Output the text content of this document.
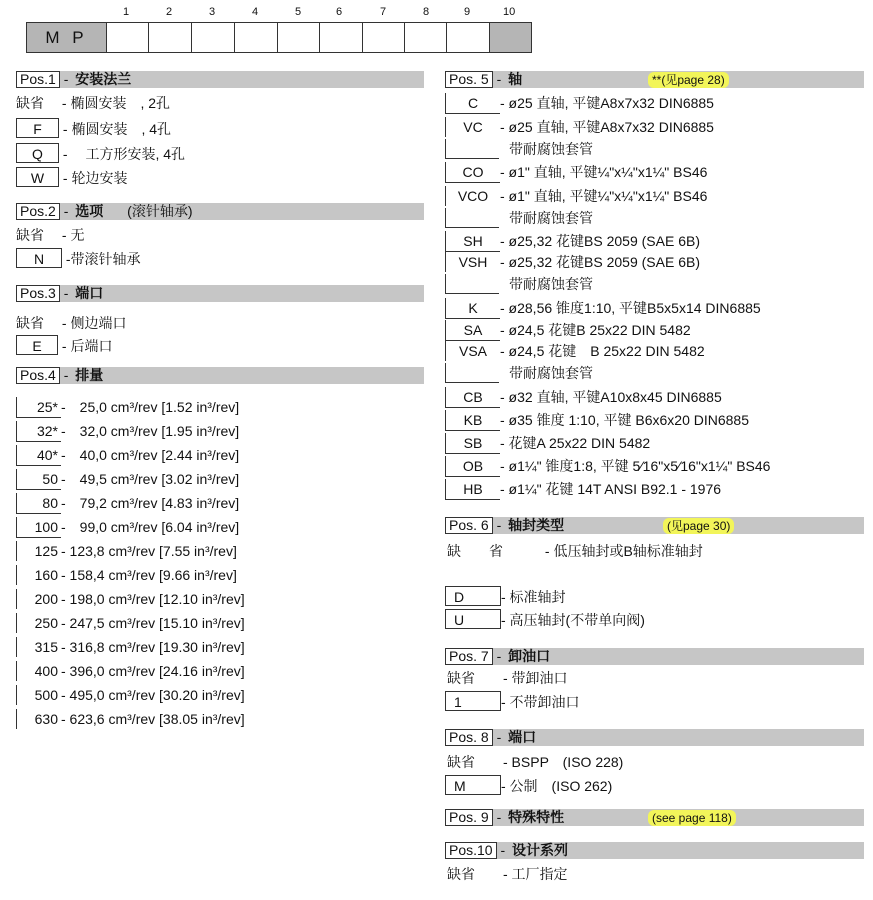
1	2	3	4	5	6	7	8	9	10
M P
Pos.1 - 安装法兰
缺省 - 椭圆安装　, 2孔
F - 椭圆安装　, 4孔
Q -　 工方形安装, 4孔
W - 轮边安装
Pos.2 - 选项 (滚针轴承)
缺省 - 无
N -带滚针轴承
Pos.3 - 端口
缺省 - 侧边端口
E - 后端口
Pos.4 - 排量
25* -　25,0 cm³/rev [1.52 in³/rev]
32* -　32,0 cm³/rev [1.95 in³/rev]
40* -　40,0 cm³/rev [2.44 in³/rev]
50 -　49,5 cm³/rev [3.02 in³/rev]
80 -　79,2 cm³/rev [4.83 in³/rev]
100 -　99,0 cm³/rev [6.04 in³/rev]
125 - 123,8 cm³/rev [7.55 in³/rev]
160 - 158,4 cm³/rev [9.66 in³/rev]
200 - 198,0 cm³/rev [12.10 in³/rev]
250 - 247,5 cm³/rev [15.10 in³/rev]
315 - 316,8 cm³/rev [19.30 in³/rev]
400 - 396,0 cm³/rev [24.16 in³/rev]
500 - 495,0 cm³/rev [30.20 in³/rev]
630 - 623,6 cm³/rev [38.05 in³/rev]
Pos. 5 - 轴	**(见page 28)
C - ø25 直轴, 平键A8x7x32 DIN6885
VC - ø25 直轴, 平键A8x7x32 DIN6885
带耐腐蚀套管
CO - ø1" 直轴, 平键¼"x¼"x1¼" BS46
VCO - ø1" 直轴, 平键¼"x¼"x1¼" BS46
带耐腐蚀套管
SH - ø25,32 花键BS 2059 (SAE 6B)
VSH - ø25,32 花键BS 2059 (SAE 6B)
带耐腐蚀套管
K - ø28,56 锥度1:10, 平键B5x5x14 DIN6885
SA - ø24,5 花键B 25x22 DIN 5482
VSA - ø24,5 花键　B 25x22 DIN 5482
带耐腐蚀套管
CB - ø32 直轴, 平键A10x8x45 DIN6885
KB - ø35 锥度 1:10, 平键 B6x6x20 DIN6885
SB - 花键A 25x22 DIN 5482
OB - ø1¼" 锥度1:8, 平键 5⁄16"x5⁄16"x1¼" BS46
HB - ø1¼" 花键 14T ANSI B92.1 - 1976
Pos. 6 - 轴封类型	(见page 30)
缺　　省	- 低压轴封或B轴标准轴封
D	- 标准轴封
U	- 高压轴封(不带单向阀)
Pos. 7 - 卸油口
缺省 - 带卸油口
1	- 不带卸油口
Pos. 8 - 端口
缺省 - BSPP　(ISO 228)
M	- 公制　(ISO 262)
Pos. 9 - 特殊特性	(see page 118)
Pos.10 - 设计系列
缺省 - 工厂指定
